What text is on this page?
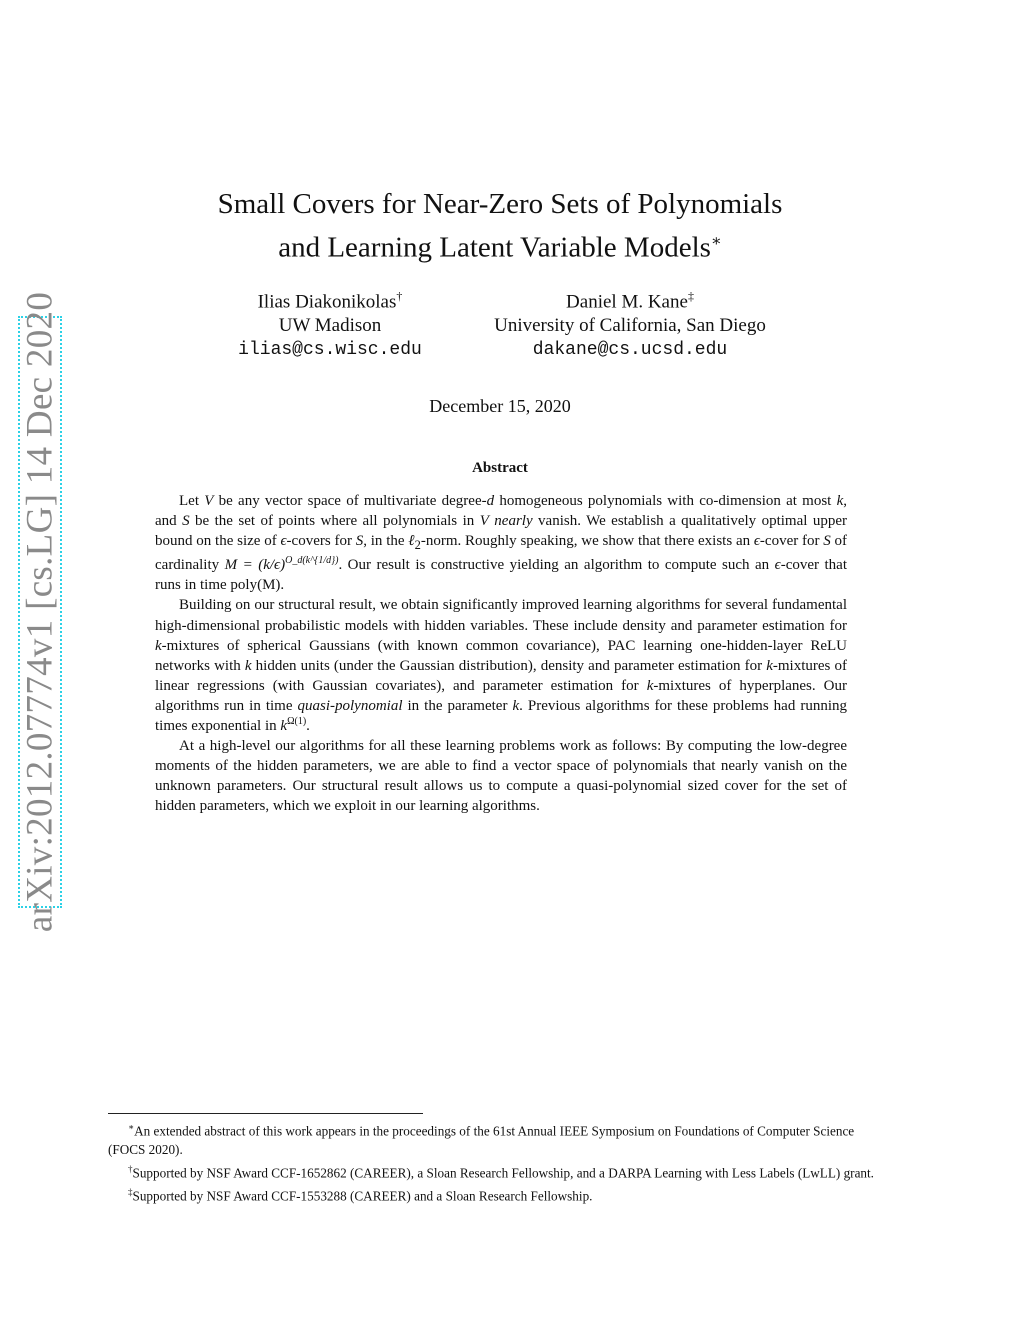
arXiv:2012.07774v1 [cs.LG] 14 Dec 2020
Small Covers for Near-Zero Sets of Polynomials
and Learning Latent Variable Models∗
Ilias Diakonikolas†
UW Madison
ilias@cs.wisc.edu
Daniel M. Kane‡
University of California, San Diego
dakane@cs.ucsd.edu
December 15, 2020
Abstract

Let V be any vector space of multivariate degree-d homogeneous polynomials with co-dimension at most k, and S be the set of points where all polynomials in V nearly vanish. We establish a qualitatively optimal upper bound on the size of ϵ-covers for S, in the ℓ$_2$-norm. Roughly speaking, we show that there exists an ϵ-cover for S of cardinality $M = (k/\epsilon)^{O\_d(k\^{}\{1/d\})}$. Our result is constructive yielding an algorithm to compute such an ϵ-cover that runs in time poly(M).

Building on our structural result, we obtain significantly improved learning algorithms for several fundamental high-dimensional probabilistic models with hidden variables. These include density and parameter estimation for k-mixtures of spherical Gaussians (with known common covariance), PAC learning one-hidden-layer ReLU networks with k hidden units (under the Gaussian distribution), density and parameter estimation for k-mixtures of linear regressions (with Gaussian covariates), and parameter estimation for k-mixtures of hyperplanes. Our algorithms run in time quasi-polynomial in the parameter k. Previous algorithms for these problems had running times exponential in $k^{\Omega(1)}$.

At a high-level our algorithms for all these learning problems work as follows: By computing the low-degree moments of the hidden parameters, we are able to find a vector space of polynomials that nearly vanish on the unknown parameters. Our structural result allows us to compute a quasi-polynomial sized cover for the set of hidden parameters, which we exploit in our learning algorithms.

∗An extended abstract of this work appears in the proceedings of the 61st Annual IEEE Symposium on Foundations of Computer Science (FOCS 2020).

†Supported by NSF Award CCF-1652862 (CAREER), a Sloan Research Fellowship, and a DARPA Learning with Less Labels (LwLL) grant.

‡Supported by NSF Award CCF-1553288 (CAREER) and a Sloan Research Fellowship.
